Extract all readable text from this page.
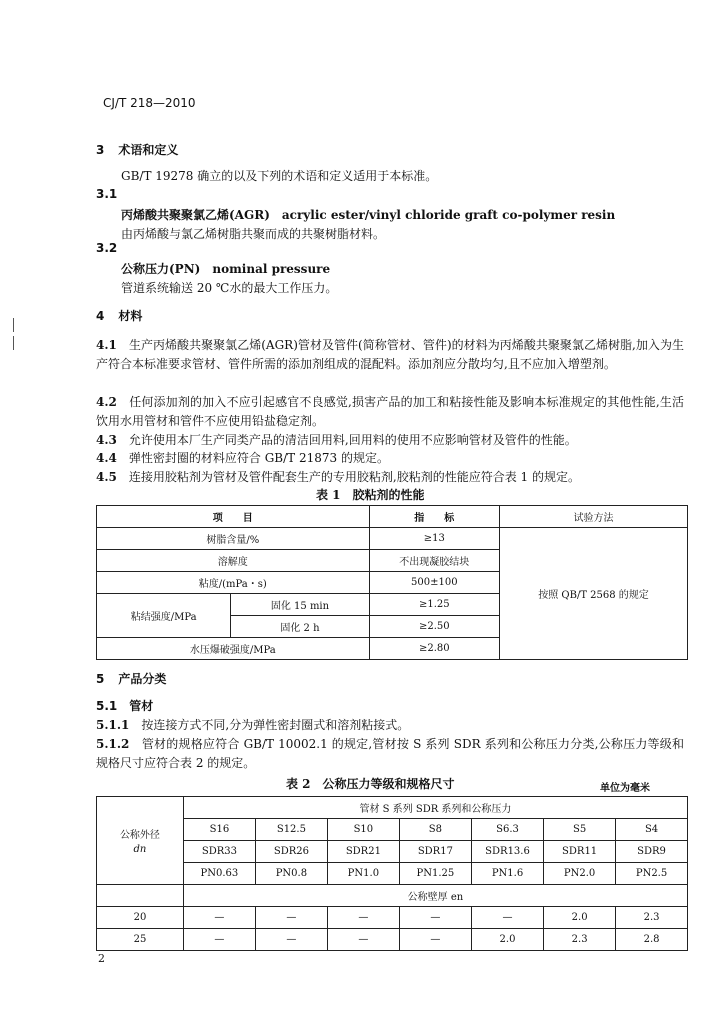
CJ/T 218—2010
3 术语和定义
GB/T 19278 确立的以及下列的术语和定义适用于本标准。
3.1
丙烯酸共聚聚氯乙烯(AGR) acrylic ester/vinyl chloride graft co-polymer resin
由丙烯酸与氯乙烯树脂共聚而成的共聚树脂材料。
3.2
公称压力(PN) nominal pressure
管道系统输送 20 ℃水的最大工作压力。
4 材料
4.1　 生产丙烯酸共聚聚氯乙烯(AGR)管材及管件(简称管材、管件)的材料为丙烯酸共聚聚氯乙烯树脂,加入为生产符合本标准要求管材、管件所需的添加剂组成的混配料。添加剂应分散均匀,且不应加入增塑剂。
4.2　 任何添加剂的加入不应引起感官不良感觉,损害产品的加工和粘接性能及影响本标准规定的其他性能,生活饮用水用管材和管件不应使用铅盐稳定剂。
4.3　 允许使用本厂生产同类产品的清洁回用料,回用料的使用不应影响管材及管件的性能。
4.4　 弹性密封圈的材料应符合 GB/T 21873 的规定。
4.5　 连接用胶粘剂为管材及管件配套生产的专用胶粘剂,胶粘剂的性能应符合表 1 的规定。
表 1　胶粘剂的性能
项　　目		指　　标	试验方法
树脂含量/%		≥13	按照 QB/T 2568 的规定
溶解度		不出现凝胶结块	
粘度/(mPa・s)		500±100	
粘结强度/MPa	固化 15 min	≥1.25	
	固化 2 h	≥2.50	
水压爆破强度/MPa		≥2.80	
5 产品分类
5.1 管材
5.1.1　 按连接方式不同,分为弹性密封圈式和溶剂粘接式。
5.1.2　 管材的规格应符合 GB/T 10002.1 的规定,管材按 S 系列 SDR 系列和公称压力分类,公称压力等级和规格尺寸应符合表 2 的规定。
表 2　公称压力等级和规格尺寸	单位为毫米
公称外径
dn	管材 S 系列 SDR 系列和公称压力						
	S16	S12.5	S10	S8	S6.3	S5	S4
	SDR33	SDR26	SDR21	SDR17	SDR13.6	SDR11	SDR9
	PN0.63	PN0.8	PN1.0	PN1.25	PN1.6	PN2.0	PN2.5
	公称壁厚 en						
20	—	—	—	—	—	2.0	2.3
25	—	—	—	—	2.0	2.3	2.8
2
